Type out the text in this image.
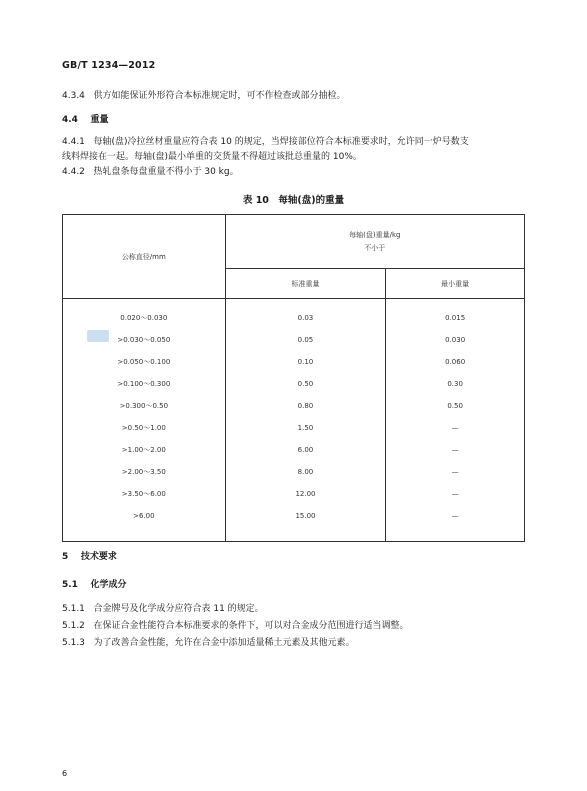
GB/T 1234—2012
4.3.4 供方如能保证外形符合本标准规定时，可不作检查或部分抽检。
4.4 重量
4.4.1 每轴(盘)冷拉丝材重量应符合表 10 的规定，当焊接部位符合本标准要求时，允许同一炉号数支
线料焊接在一起。每轴(盘)最小单重的交货量不得超过该批总重量的 10%。
4.4.2 热轧盘条每盘重量不得小于 30 kg。
表 10　每轴(盘)的重量
公称直径/mm	每轴(盘)重量/kg
不小于	

	标准重量	最小重量

0.020～0.030	0.03	0.015
>0.030～0.050	0.05	0.030
>0.050～0.100	0.10	0.060
>0.100～0.300	0.50	0.30
>0.300～0.50	0.80	0.50
>0.50～1.00	1.50	—
>1.00～2.00	6.00	—
>2.00～3.50	8.00	—
>3.50～6.00	12.00	—
>6.00	15.00	—

5 技术要求
5.1 化学成分
5.1.1 合金牌号及化学成分应符合表 11 的规定。
5.1.2 在保证合金性能符合本标准要求的条件下，可以对合金成分范围进行适当调整。
5.1.3 为了改善合金性能，允许在合金中添加适量稀土元素及其他元素。
6
